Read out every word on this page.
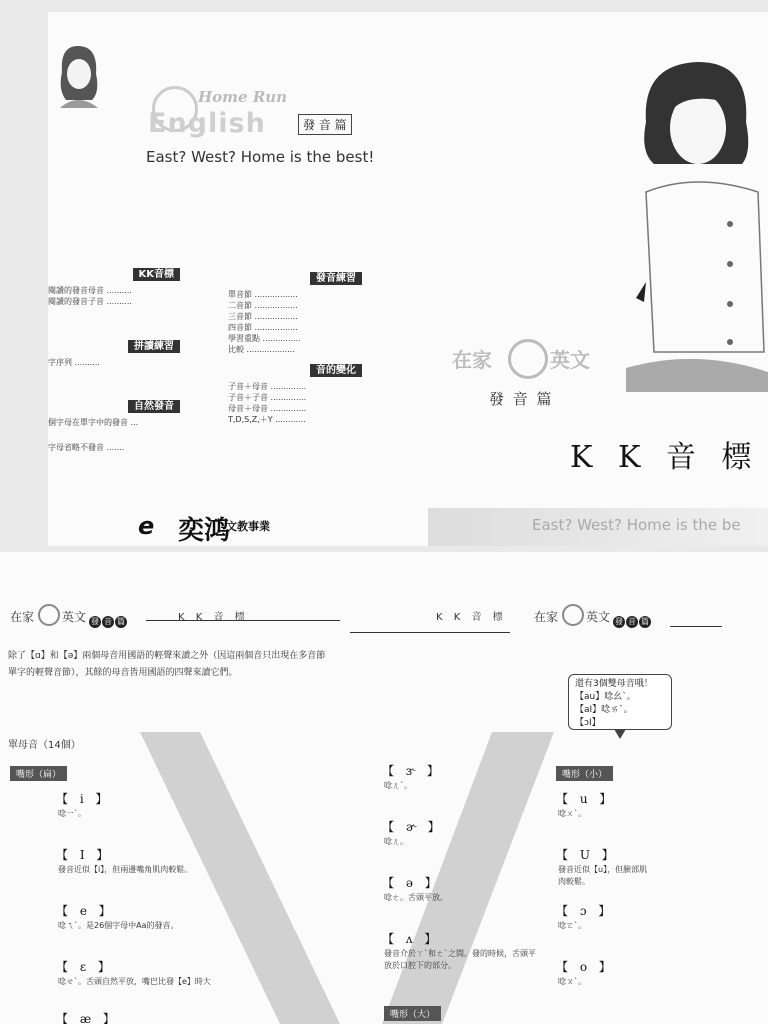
Home Run
English	發 音 篇
East? West? Home is the best!
KK音標
閱讀的發音母音 ..........
閱讀的發音子音 ..........
拼讀練習
字序列 ..........
自然發音
個字母在單字中的發音 ...
字母省略不發音 .......
發音練習
單音節 .................
二音節 .................
三音節 .................
四音節 .................
學習重點 ...............
比較 ...................
音的變化
子音＋母音 ..............
子音＋子音 ..............
母音＋母音 ..............
T,D,S,Z,＋Y ............
在家	英文
發 音 篇
K K 音 標
e 奕鸿
文教事業	East? West? Home is the be
在家 英文 發 音 篇	K K 音 標	K K 音 標 在家 英文 發 音 篇
除了【ɑ】和【ə】兩個母音用國語的輕聲來讀之外（因這兩個音只出現在多音節單字的輕聲音節），其餘的母音皆用國語的四聲來讀它們。
單母音（14個）
嘴形（扁）
【 i 】
唸一ˋ。
【 I 】
發音近似【i】，但兩邊嘴角肌肉較鬆。
【 e 】
唸ㄟˋ。是26個字母中Aa的發音。
【 ε 】
唸ㄝˋ。舌頭自然平放，嘴巴比發【e】時大
【 æ 】
【 ɝ 】
唸ㄦˋ。
【 ɚ 】
唸ㄦ。
【 ə 】
唸ㄜ。舌頭平放。
【 ʌ 】
發音介於ㄚˋ和ㄜˋ之間。發的時候，舌頭平放於口腔下的部分。
嘴形（大）
嘴形（小）
【 u 】
唸ㄨˋ。
【 U 】
發音近似【u】，但臉部肌肉較鬆。
【 ɔ 】
唸ㄛˋ。
【 o 】
唸ㄡˋ。
還有3個雙母音哦！
【au】唸幺ˋ。
【aI】唸ㄞˋ。
【ɔI】
